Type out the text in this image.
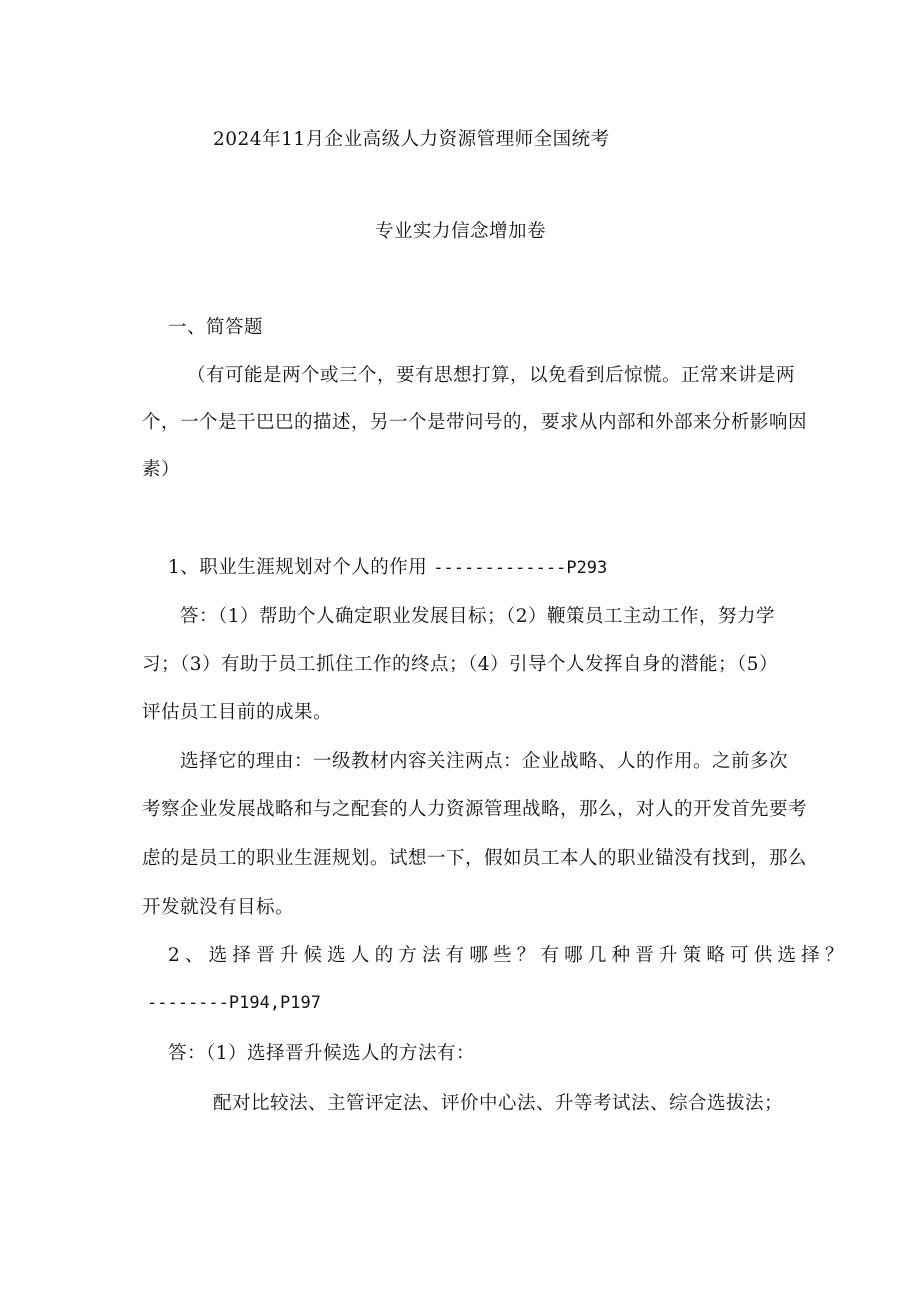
2024年11月企业高级人力资源管理师全国统考
专业实力信念增加卷
一、简答题
（有可能是两个或三个，要有思想打算，以免看到后惊慌。正常来讲是两
个，一个是干巴巴的描述，另一个是带问号的，要求从内部和外部来分析影响因
素）
1、职业生涯规划对个人的作用 -------------P293
答：（1）帮助个人确定职业发展目标；（2）鞭策员工主动工作，努力学
习；（3）有助于员工抓住工作的终点；（4）引导个人发挥自身的潜能；（5）
评估员工目前的成果。
选择它的理由：一级教材内容关注两点：企业战略、人的作用。之前多次
考察企业发展战略和与之配套的人力资源管理战略，那么，对人的开发首先要考
虑的是员工的职业生涯规划。试想一下，假如员工本人的职业锚没有找到，那么
开发就没有目标。
2、选择晋升候选人的方法有哪些？有哪几种晋升策略可供选择？
--------P194,P197
答：（1）选择晋升候选人的方法有：
配对比较法、主管评定法、评价中心法、升等考试法、综合选拔法；
